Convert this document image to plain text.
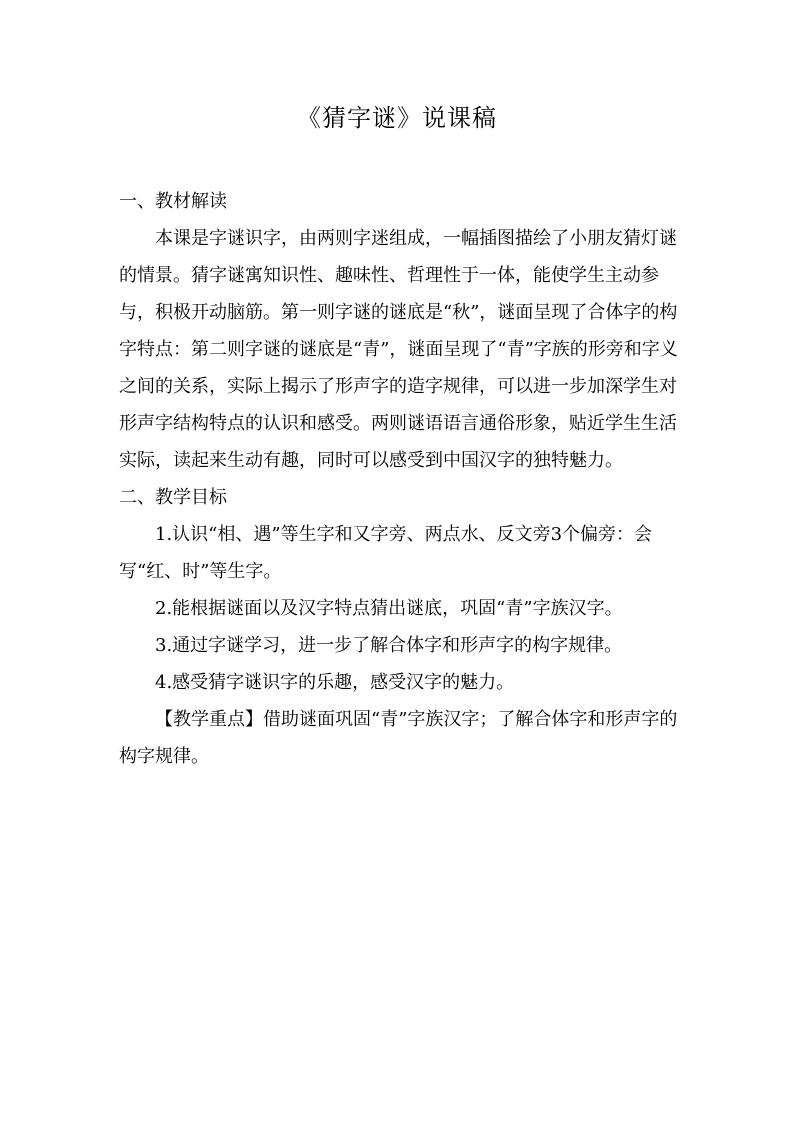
《猜字谜》说课稿

一、教材解读

本课是字谜识字，由两则字迷组成，一幅插图描绘了小朋友猜灯谜的情景。猜字谜寓知识性、趣味性、哲理性于一体，能使学生主动参与，积极开动脑筋。第一则字谜的谜底是“秋”，谜面呈现了合体字的构字特点：第二则字谜的谜底是“青”，谜面呈现了“青”字族的形旁和字义之间的关系，实际上揭示了形声字的造字规律，可以进一步加深学生对形声字结构特点的认识和感受。两则谜语语言通俗形象，贴近学生生活实际，读起来生动有趣，同时可以感受到中国汉字的独特魅力。

二、教学目标

1.认识“相、遇”等生字和又字旁、两点水、反文旁3个偏旁：会写“红、时”等生字。

2.能根据谜面以及汉字特点猜出谜底，巩固“青”字族汉字。

3.通过字谜学习，进一步了解合体字和形声字的构字规律。

4.感受猜字谜识字的乐趣，感受汉字的魅力。

【教学重点】借助谜面巩固“青”字族汉字；了解合体字和形声字的构字规律。
